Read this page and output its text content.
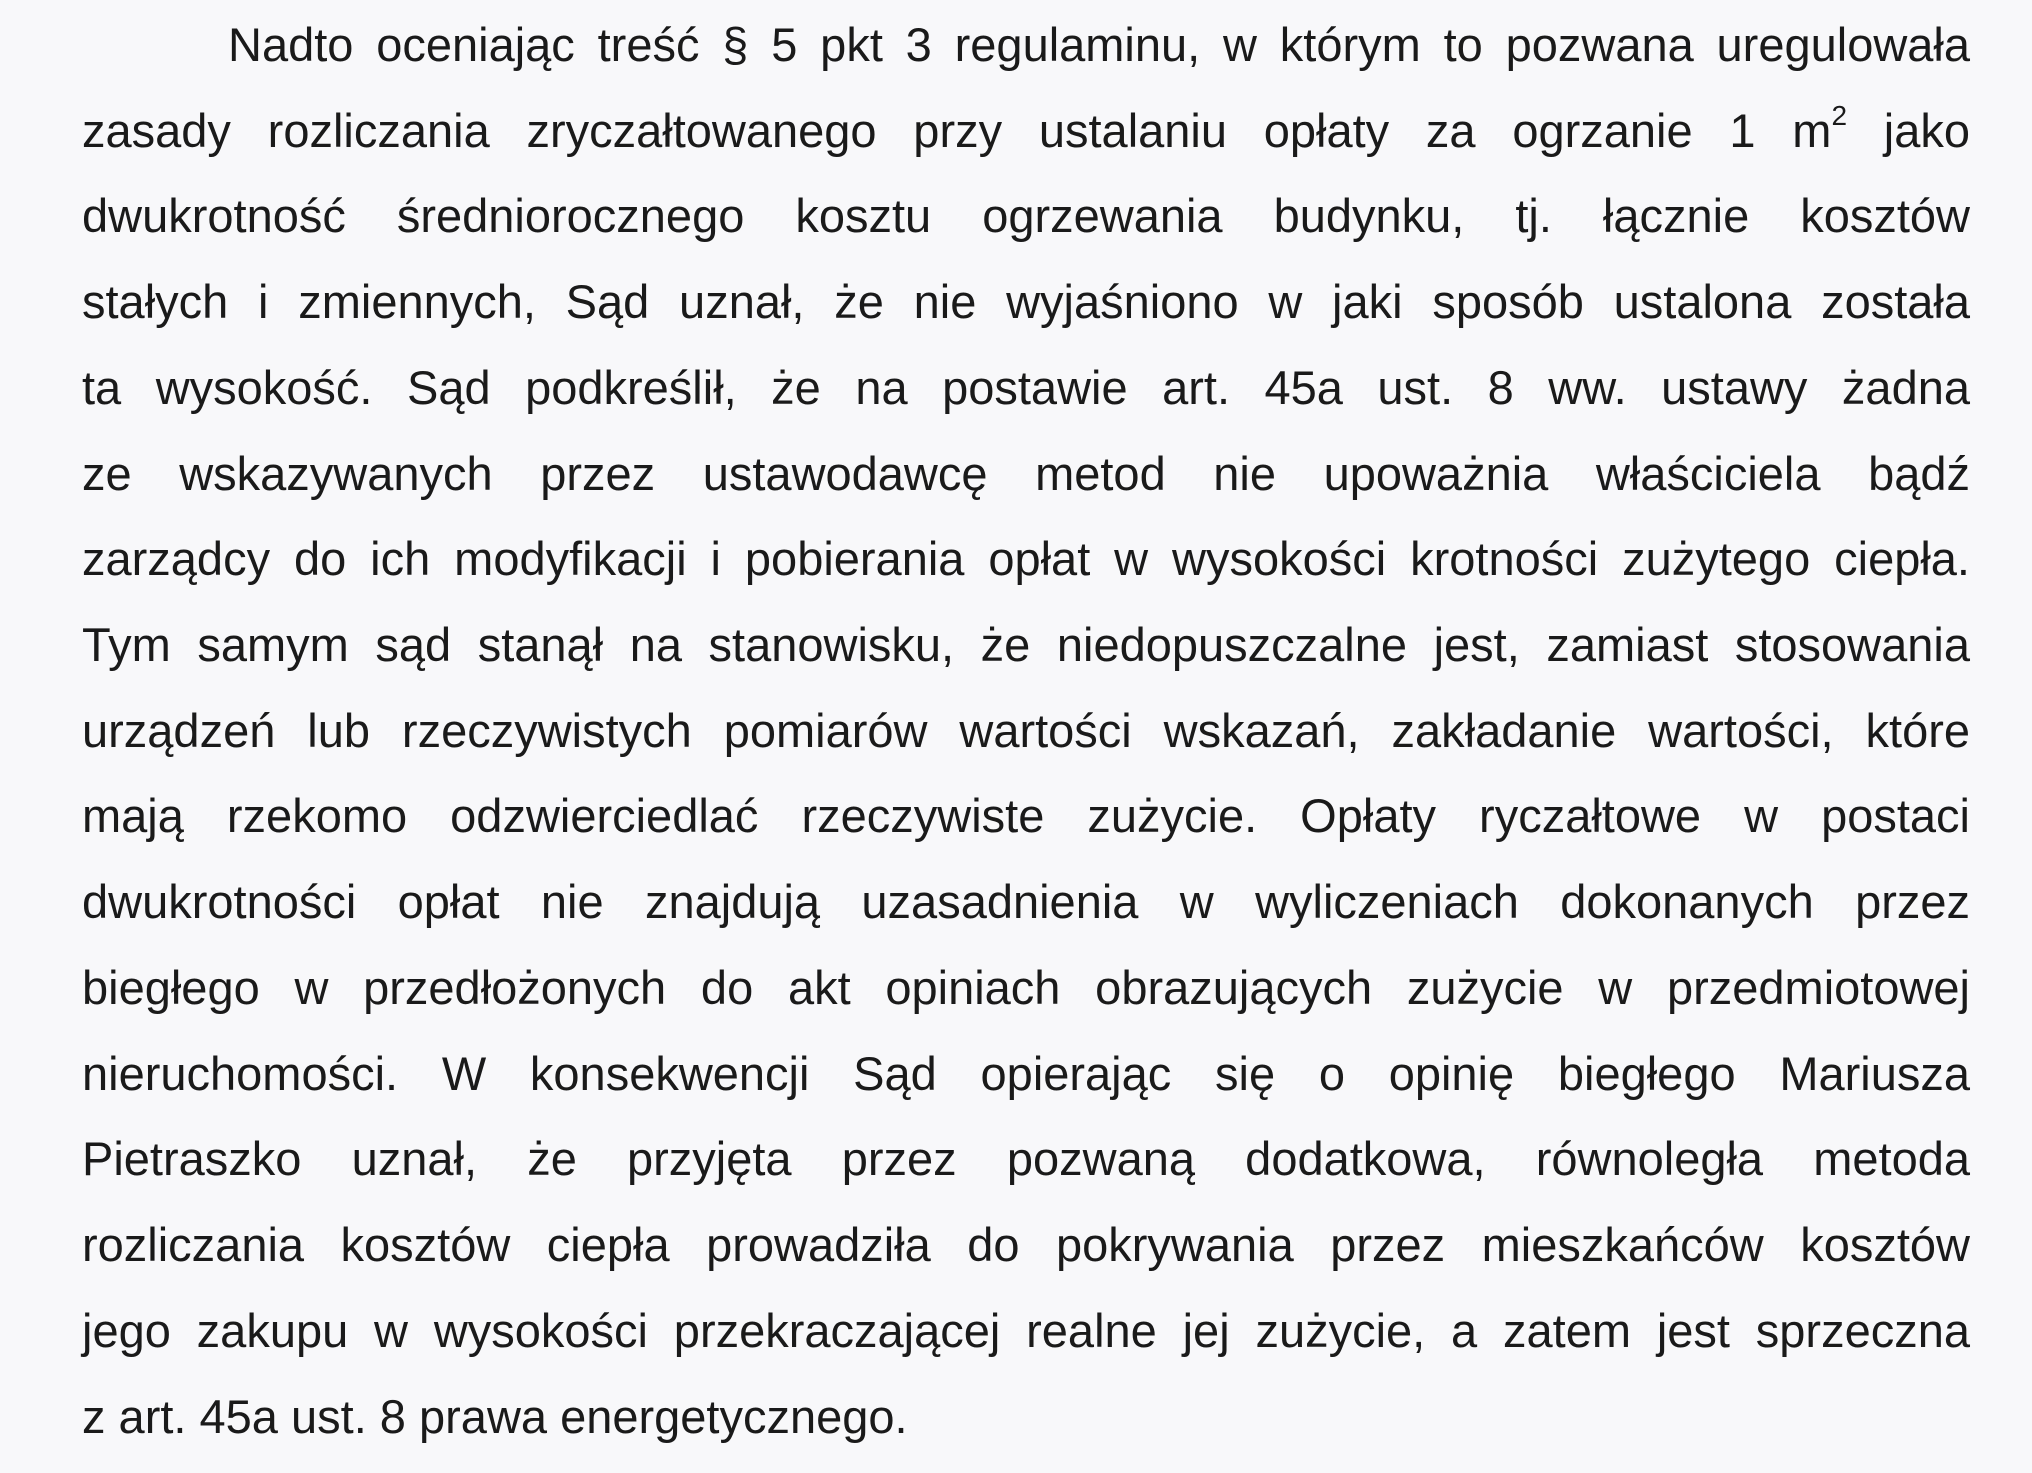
Nadto oceniając treść § 5 pkt 3 regulaminu, w którym to pozwana uregulowała
zasady rozliczania zryczałtowanego przy ustalaniu opłaty za ogrzanie 1 $m^2$ jako
dwukrotność średniorocznego kosztu ogrzewania budynku, tj. łącznie kosztów
stałych i zmiennych, Sąd uznał, że nie wyjaśniono w jaki sposób ustalona została
ta wysokość. Sąd podkreślił, że na postawie art. 45a ust. 8 ww. ustawy żadna
ze wskazywanych przez ustawodawcę metod nie upoważnia właściciela bądź
zarządcy do ich modyfikacji i pobierania opłat w wysokości krotności zużytego ciepła.
Tym samym sąd stanął na stanowisku, że niedopuszczalne jest, zamiast stosowania
urządzeń lub rzeczywistych pomiarów wartości wskazań, zakładanie wartości, które
mają rzekomo odzwierciedlać rzeczywiste zużycie. Opłaty ryczałtowe w postaci
dwukrotności opłat nie znajdują uzasadnienia w wyliczeniach dokonanych przez
biegłego w przedłożonych do akt opiniach obrazujących zużycie w przedmiotowej
nieruchomości. W konsekwencji Sąd opierając się o opinię biegłego Mariusza
Pietraszko uznał, że przyjęta przez pozwaną dodatkowa, równoległa metoda
rozliczania kosztów ciepła prowadziła do pokrywania przez mieszkańców kosztów
jego zakupu w wysokości przekraczającej realne jej zużycie, a zatem jest sprzeczna
z art. 45a ust. 8 prawa energetycznego.
